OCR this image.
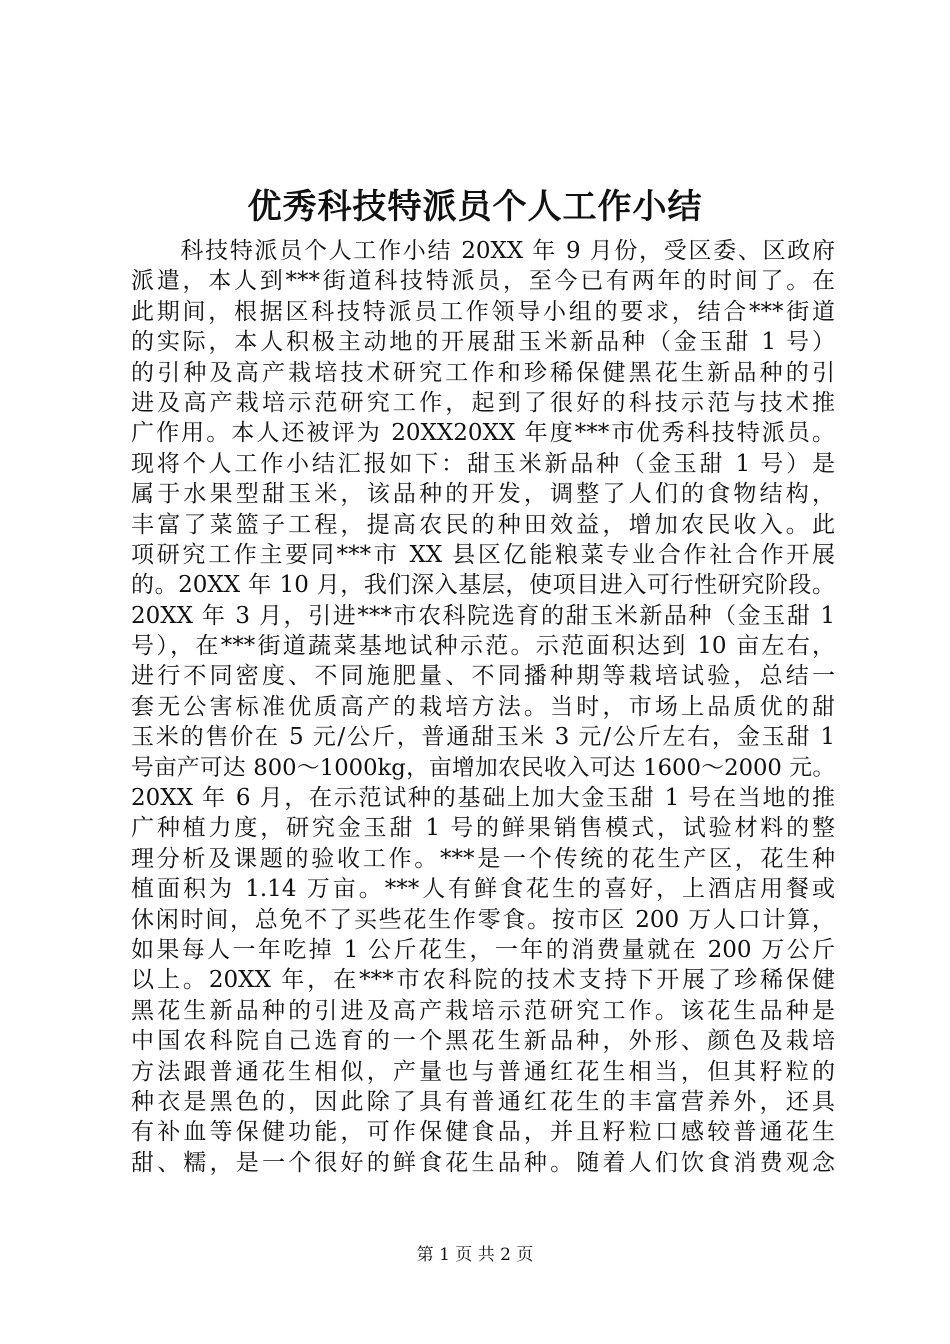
优秀科技特派员个人工作小结
　　科技特派员个人工作小结 20XX 年 9 月份，受区委、区政府
派遣，本人到***街道科技特派员，至今已有两年的时间了。在
此期间，根据区科技特派员工作领导小组的要求，结合***街道
的实际，本人积极主动地的开展甜玉米新品种（金玉甜 1 号）
的引种及高产栽培技术研究工作和珍稀保健黑花生新品种的引
进及高产栽培示范研究工作，起到了很好的科技示范与技术推
广作用。本人还被评为 20XX20XX 年度***市优秀科技特派员。
现将个人工作小结汇报如下：甜玉米新品种（金玉甜 1 号）是
属于水果型甜玉米，该品种的开发，调整了人们的食物结构，
丰富了菜篮子工程，提高农民的种田效益，增加农民收入。此
项研究工作主要同***市 XX 县区亿能粮菜专业合作社合作开展
的。20XX 年 10 月，我们深入基层，使项目进入可行性研究阶段。
20XX 年 3 月，引进***市农科院选育的甜玉米新品种（金玉甜 1
号），在***街道蔬菜基地试种示范。示范面积达到 10 亩左右，
进行不同密度、不同施肥量、不同播种期等栽培试验，总结一
套无公害标准优质高产的栽培方法。当时，市场上品质优的甜
玉米的售价在 5 元/公斤，普通甜玉米 3 元/公斤左右，金玉甜 1
号亩产可达 800～1000kg，亩增加农民收入可达 1600～2000 元。
20XX 年 6 月，在示范试种的基础上加大金玉甜 1 号在当地的推
广种植力度，研究金玉甜 1 号的鲜果销售模式，试验材料的整
理分析及课题的验收工作。***是一个传统的花生产区，花生种
植面积为 1.14 万亩。***人有鲜食花生的喜好，上酒店用餐或
休闲时间，总免不了买些花生作零食。按市区 200 万人口计算，
如果每人一年吃掉 1 公斤花生，一年的消费量就在 200 万公斤
以上。20XX 年，在***市农科院的技术支持下开展了珍稀保健
黑花生新品种的引进及高产栽培示范研究工作。该花生品种是
中国农科院自己选育的一个黑花生新品种，外形、颜色及栽培
方法跟普通花生相似，产量也与普通红花生相当，但其籽粒的
种衣是黑色的，因此除了具有普通红花生的丰富营养外，还具
有补血等保健功能，可作保健食品，并且籽粒口感较普通花生
甜、糯，是一个很好的鲜食花生品种。随着人们饮食消费观念
第 1 页 共 2 页
